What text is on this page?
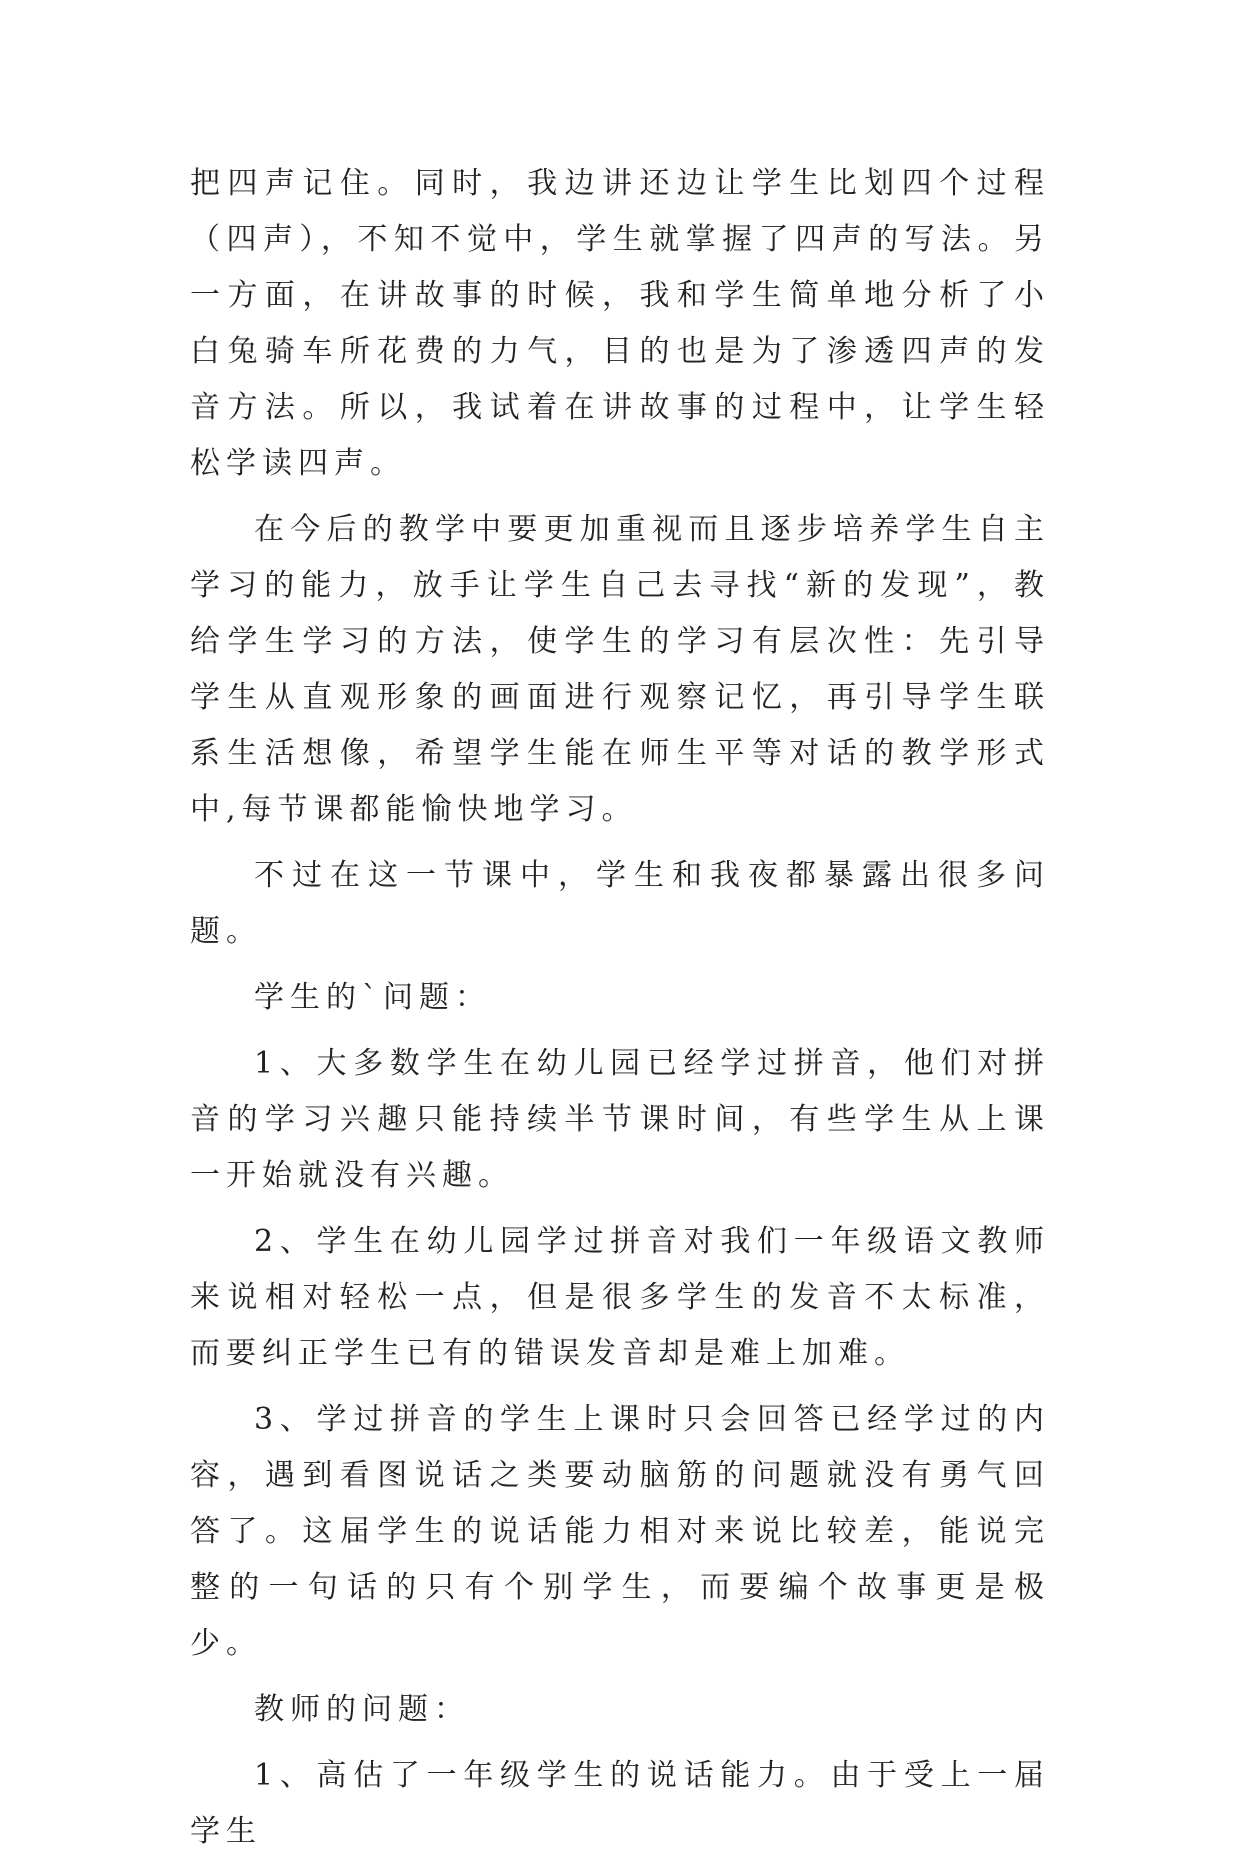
把四声记住。同时，我边讲还边让学生比划四个过程（四声），不知不觉中，学生就掌握了四声的写法。另一方面，在讲故事的时候，我和学生简单地分析了小白兔骑车所花费的力气，目的也是为了渗透四声的发音方法。所以，我试着在讲故事的过程中，让学生轻松学读四声。

在今后的教学中要更加重视而且逐步培养学生自主学习的能力，放手让学生自己去寻找“新的发现”，教给学生学习的方法，使学生的学习有层次性：先引导学生从直观形象的画面进行观察记忆，再引导学生联系生活想像，希望学生能在师生平等对话的教学形式中,每节课都能愉快地学习。

不过在这一节课中，学生和我夜都暴露出很多问题。

学生的`问题：

1、大多数学生在幼儿园已经学过拼音，他们对拼音的学习兴趣只能持续半节课时间，有些学生从上课一开始就没有兴趣。

2、学生在幼儿园学过拼音对我们一年级语文教师来说相对轻松一点，但是很多学生的发音不太标准，而要纠正学生已有的错误发音却是难上加难。

3、学过拼音的学生上课时只会回答已经学过的内容，遇到看图说话之类要动脑筋的问题就没有勇气回答了。这届学生的说话能力相对来说比较差，能说完整的一句话的只有个别学生，而要编个故事更是极少。

教师的问题：

1、高估了一年级学生的说话能力。由于受上一届学生
